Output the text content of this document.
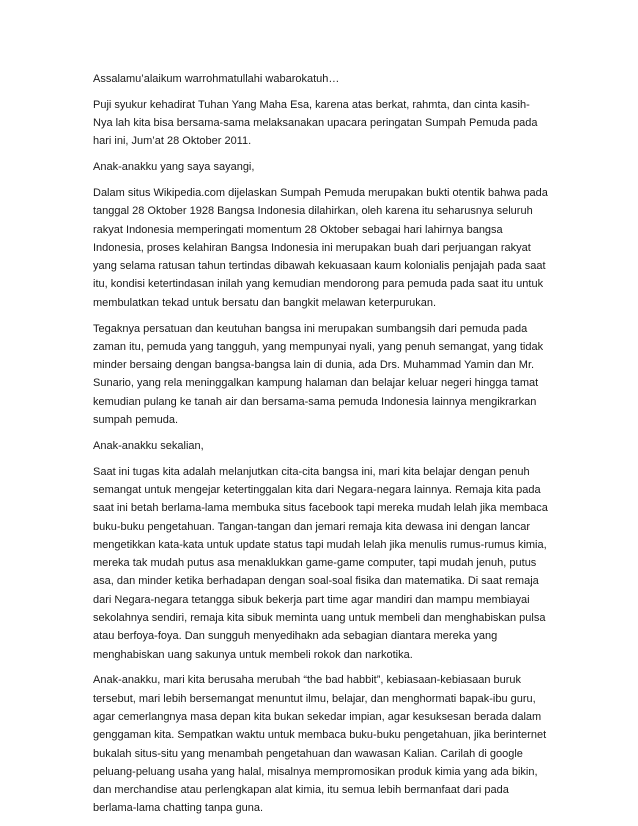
Assalamu’alaikum warrohmatullahi wabarokatuh…

Puji syukur kehadirat Tuhan Yang Maha Esa, karena atas berkat, rahmta, dan cinta kasih-Nya lah kita bisa bersama-sama melaksanakan upacara peringatan Sumpah Pemuda pada hari ini, Jum’at 28 Oktober 2011.

Anak-anakku yang saya sayangi,

Dalam situs Wikipedia.com dijelaskan Sumpah Pemuda merupakan bukti otentik bahwa pada tanggal 28 Oktober 1928 Bangsa Indonesia dilahirkan, oleh karena itu seharusnya seluruh rakyat Indonesia memperingati momentum 28 Oktober sebagai hari lahirnya bangsa Indonesia, proses kelahiran Bangsa Indonesia ini merupakan buah dari perjuangan rakyat yang selama ratusan tahun tertindas dibawah kekuasaan kaum kolonialis penjajah pada saat itu, kondisi ketertindasan inilah yang kemudian mendorong para pemuda pada saat itu untuk membulatkan tekad untuk bersatu dan bangkit melawan keterpurukan.

Tegaknya persatuan dan keutuhan bangsa ini merupakan sumbangsih dari pemuda pada zaman itu, pemuda yang tangguh, yang mempunyai nyali, yang penuh semangat, yang tidak minder bersaing dengan bangsa-bangsa lain di dunia, ada Drs. Muhammad Yamin dan Mr. Sunario, yang rela meninggalkan kampung halaman dan belajar keluar negeri hingga tamat kemudian pulang ke tanah air dan bersama-sama pemuda Indonesia lainnya mengikrarkan sumpah pemuda.

Anak-anakku sekalian,

Saat ini tugas kita adalah melanjutkan cita-cita bangsa ini, mari kita belajar dengan penuh semangat untuk mengejar ketertinggalan kita dari Negara-negara lainnya. Remaja kita pada saat ini betah berlama-lama membuka situs facebook tapi mereka mudah lelah jika membaca buku-buku pengetahuan. Tangan-tangan dan jemari remaja kita dewasa ini dengan lancar mengetikkan kata-kata untuk update status tapi mudah lelah jika menulis rumus-rumus kimia, mereka tak mudah putus asa menaklukkan game-game computer, tapi mudah jenuh, putus asa, dan minder ketika berhadapan dengan soal-soal fisika dan matematika. Di saat remaja dari Negara-negara tetangga sibuk bekerja part time agar mandiri dan mampu membiayai sekolahnya sendiri, remaja kita sibuk meminta uang untuk membeli dan menghabiskan pulsa atau berfoya-foya. Dan sungguh menyedihakn ada sebagian diantara mereka yang menghabiskan uang sakunya untuk membeli rokok dan narkotika.

Anak-anakku, mari kita berusaha merubah “the bad habbit”, kebiasaan-kebiasaan buruk tersebut, mari lebih bersemangat menuntut ilmu, belajar, dan menghormati bapak-ibu guru, agar cemerlangnya masa depan kita bukan sekedar impian, agar kesuksesan berada dalam genggaman kita. Sempatkan waktu untuk membaca buku-buku pengetahuan, jika berinternet bukalah situs-situ yang menambah pengetahuan dan wawasan Kalian. Carilah di google peluang-peluang usaha yang halal, misalnya mempromosikan produk kimia yang ada bikin, dan merchandise atau perlengkapan alat kimia, itu semua lebih bermanfaat dari pada berlama-lama chatting tanpa guna.
